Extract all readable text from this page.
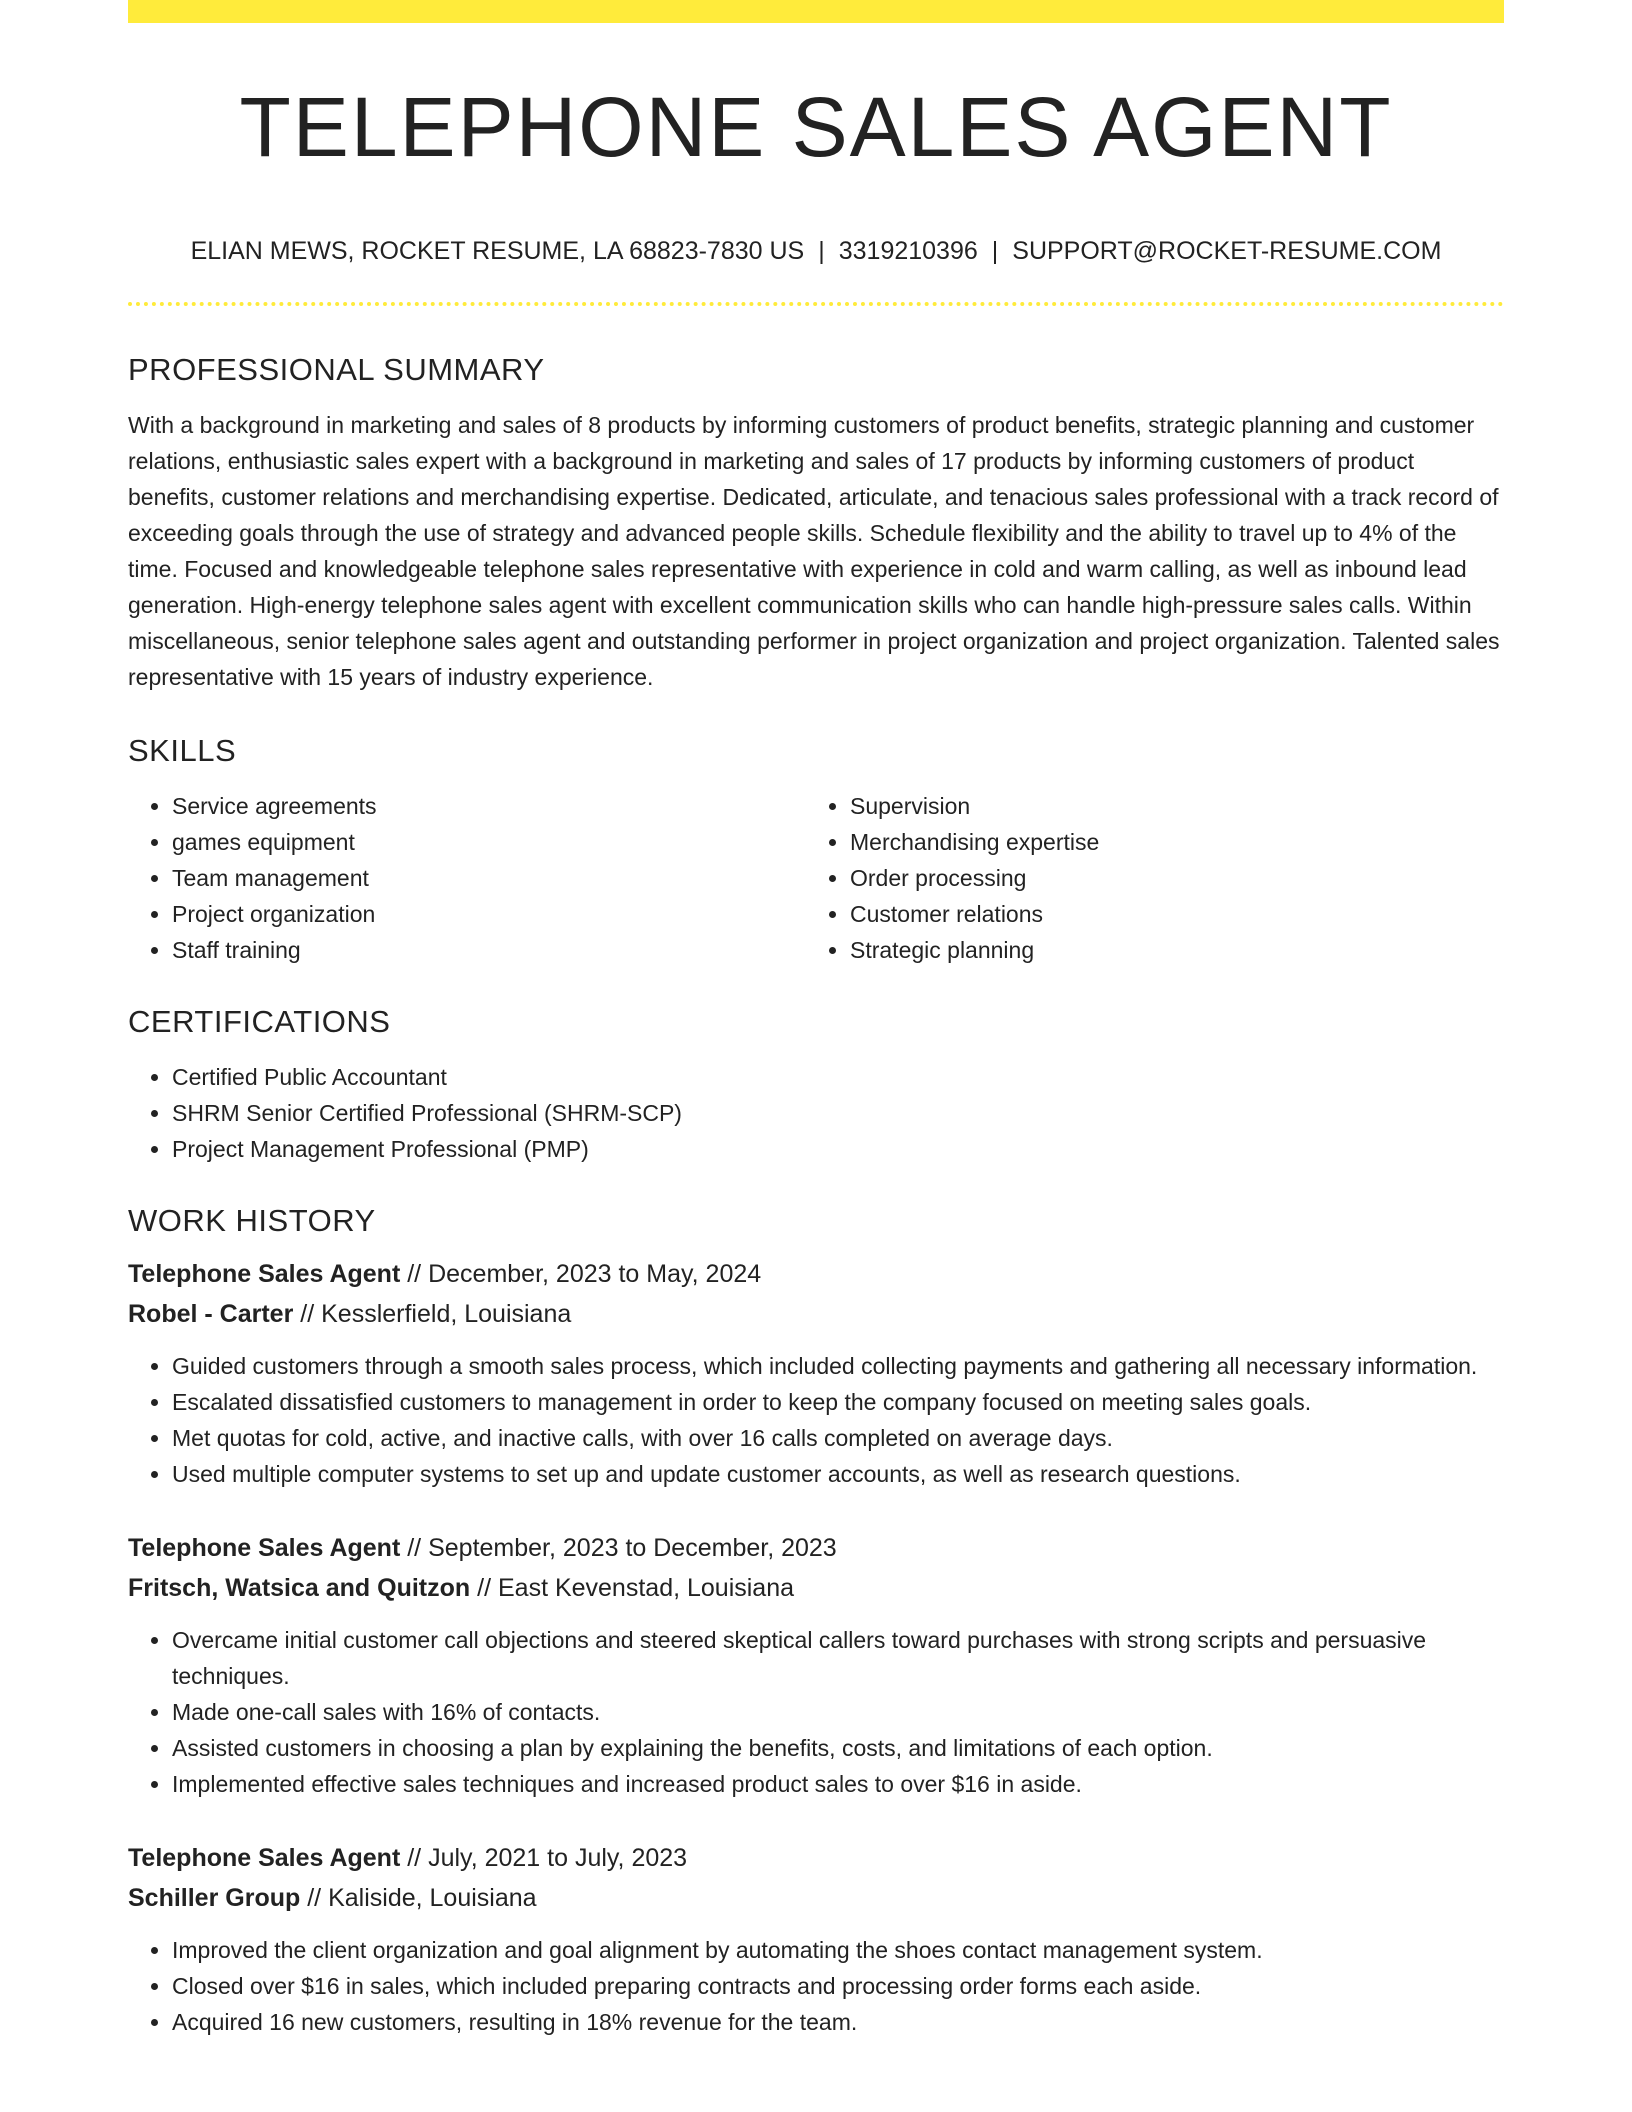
TELEPHONE SALES AGENT
ELIAN MEWS, ROCKET RESUME, LA 68823-7830 US | 3319210396 | SUPPORT@ROCKET-RESUME.COM
PROFESSIONAL SUMMARY

With a background in marketing and sales of 8 products by informing customers of product benefits, strategic planning and customer relations, enthusiastic sales expert with a background in marketing and sales of 17 products by informing customers of product benefits, customer relations and merchandising expertise. Dedicated, articulate, and tenacious sales professional with a track record of exceeding goals through the use of strategy and advanced people skills. Schedule flexibility and the ability to travel up to 4% of the time. Focused and knowledgeable telephone sales representative with experience in cold and warm calling, as well as inbound lead generation. High-energy telephone sales agent with excellent communication skills who can handle high-pressure sales calls. Within miscellaneous, senior telephone sales agent and outstanding performer in project organization and project organization. Talented sales representative with 15 years of industry experience.

SKILLS
• Service agreements
• games equipment
• Team management
• Project organization
• Staff training
• Supervision
• Merchandising expertise
• Order processing
• Customer relations
• Strategic planning
CERTIFICATIONS
• Certified Public Accountant
• SHRM Senior Certified Professional (SHRM-SCP)
• Project Management Professional (PMP)
WORK HISTORY
Telephone Sales Agent // December, 2023 to May, 2024
Robel - Carter // Kesslerfield, Louisiana
• Guided customers through a smooth sales process, which included collecting payments and gathering all necessary information.
• Escalated dissatisfied customers to management in order to keep the company focused on meeting sales goals.
• Met quotas for cold, active, and inactive calls, with over 16 calls completed on average days.
• Used multiple computer systems to set up and update customer accounts, as well as research questions.
Telephone Sales Agent // September, 2023 to December, 2023
Fritsch, Watsica and Quitzon // East Kevenstad, Louisiana
• Overcame initial customer call objections and steered skeptical callers toward purchases with strong scripts and persuasive techniques.
• Made one-call sales with 16% of contacts.
• Assisted customers in choosing a plan by explaining the benefits, costs, and limitations of each option.
• Implemented effective sales techniques and increased product sales to over $16 in aside.
Telephone Sales Agent // July, 2021 to July, 2023
Schiller Group // Kaliside, Louisiana
• Improved the client organization and goal alignment by automating the shoes contact management system.
• Closed over $16 in sales, which included preparing contracts and processing order forms each aside.
• Acquired 16 new customers, resulting in 18% revenue for the team.
